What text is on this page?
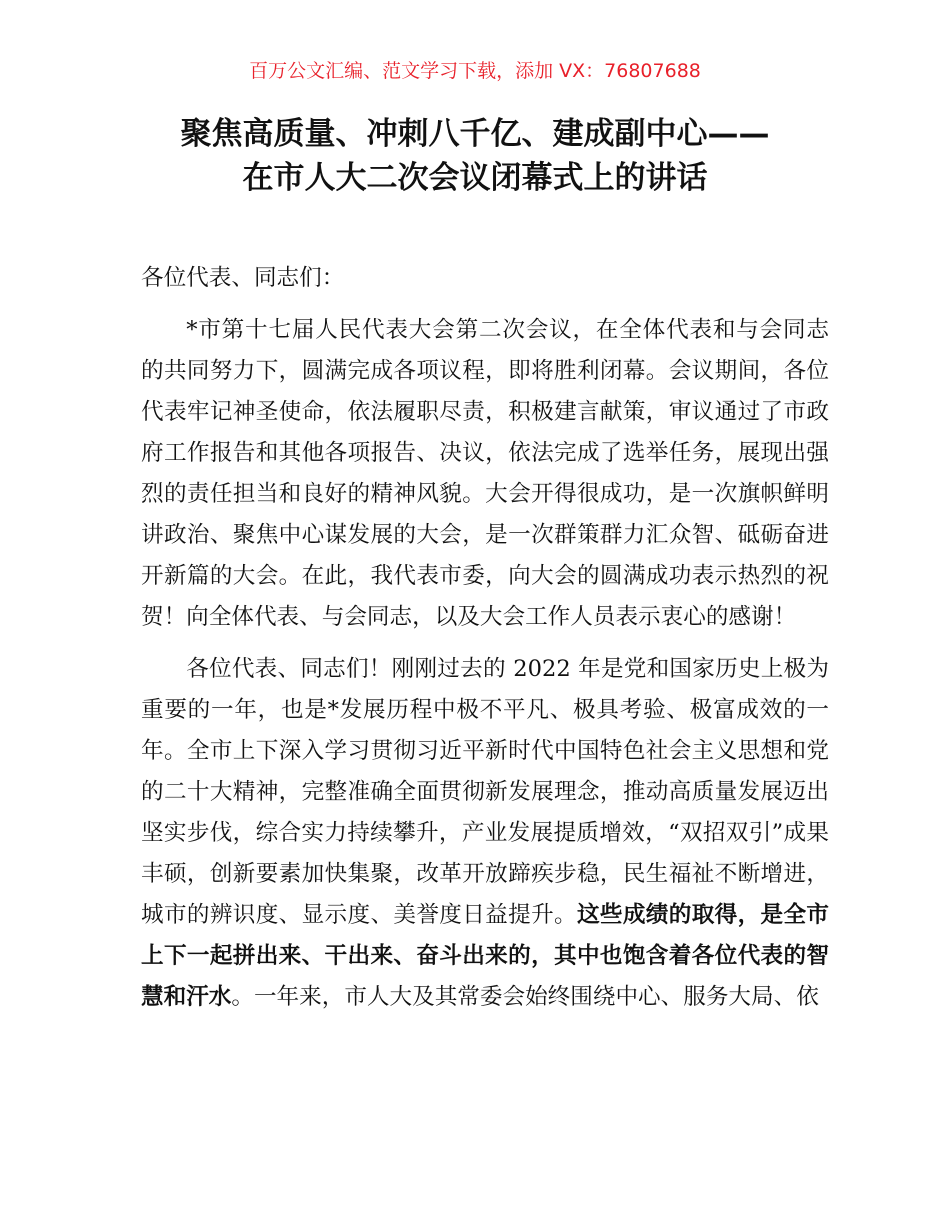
百万公文汇编、范文学习下载，添加 VX：76807688
聚焦高质量、冲刺八千亿、建成副中心——
在市人大二次会议闭幕式上的讲话

各位代表、同志们：

*市第十七届人民代表大会第二次会议，在全体代表和与会同志的共同努力下，圆满完成各项议程，即将胜利闭幕。会议期间，各位代表牢记神圣使命，依法履职尽责，积极建言献策，审议通过了市政府工作报告和其他各项报告、决议，依法完成了选举任务，展现出强烈的责任担当和良好的精神风貌。大会开得很成功，是一次旗帜鲜明讲政治、聚焦中心谋发展的大会，是一次群策群力汇众智、砥砺奋进开新篇的大会。在此，我代表市委，向大会的圆满成功表示热烈的祝贺！向全体代表、与会同志，以及大会工作人员表示衷心的感谢！

各位代表、同志们！刚刚过去的 2022 年是党和国家历史上极为重要的一年，也是*发展历程中极不平凡、极具考验、极富成效的一年。全市上下深入学习贯彻习近平新时代中国特色社会主义思想和党的二十大精神，完整准确全面贯彻新发展理念，推动高质量发展迈出坚实步伐，综合实力持续攀升，产业发展提质增效，“双招双引”成果丰硕，创新要素加快集聚，改革开放蹄疾步稳，民生福祉不断增进，城市的辨识度、显示度、美誉度日益提升。这些成绩的取得，是全市上下一起拼出来、干出来、奋斗出来的，其中也饱含着各位代表的智慧和汗水。一年来，市人大及其常委会始终围绕中心、服务大局、依
